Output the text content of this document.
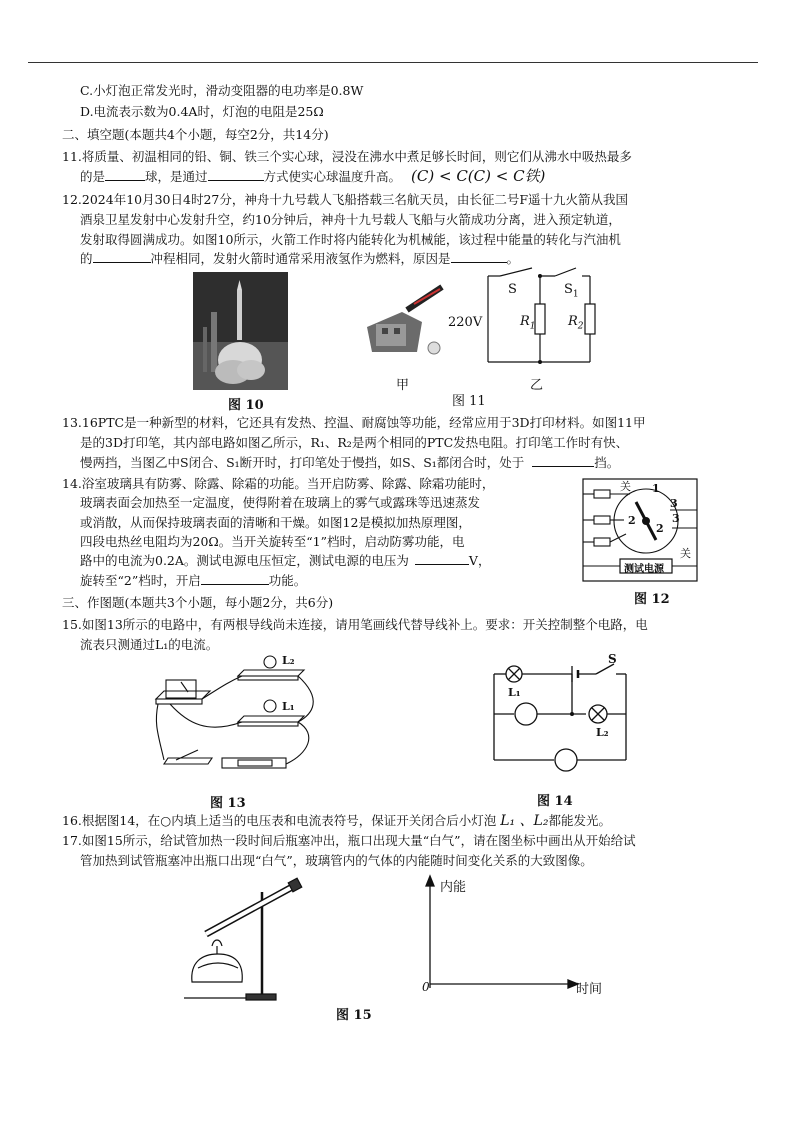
C.小灯泡正常发光时，滑动变阻器的电功率是0.8W
D.电流表示数为0.4A时，灯泡的电阻是25Ω
二、填空题(本题共4个小题，每空2分，共14分)
11.将质量、初温相同的铅、铜、铁三个实心球，浸没在沸水中煮足够长时间，则它们从沸水中吸热最多
的是	球，是通过	方式使实心球温度升高。 (C) < C(C) < C铁)
12.2024年10月30日4时27分，神舟十九号载人飞船搭载三名航天员，由长征二号F遥十九火箭从我国
酒泉卫星发射中心发射升空，约10分钟后，神舟十九号载人飞船与火箭成功分离，进入预定轨道，
发射取得圆满成功。如图10所示，火箭工作时将内能转化为机械能，该过程中能量的转化与汽油机
的	冲程相同，发射火箭时通常采用液氢作为燃料，原因是	。
图 10
甲
S	$S_1$
220V	$R_1$ $R_2$
图 11
乙
13.16PTC是一种新型的材料，它还具有发热、控温、耐腐蚀等功能，经常应用于3D打印材料。如图11甲
是的3D打印笔，其内部电路如图乙所示，R₁、R₂是两个相同的PTC发热电阻。打印笔工作时有快、
慢两挡，当图乙中S闭合、S₁断开时，打印笔处于慢挡，如S、S₁都闭合时，处于	挡。
14.浴室玻璃具有防雾、除露、除霜的功能。当开启防雾、除露、除霜功能时，
玻璃表面会加热至一定温度，使得附着在玻璃上的雾气或露珠等迅速蒸发
或消散，从而保持玻璃表面的清晰和干燥。如图12是模拟加热原理图，
四段电热丝电阻均为20Ω。当开关旋转至“1”档时，启动防雾功能，电
路中的电流为0.2A。测试电源电压恒定，测试电源的电压为	V，
旋转至“2”档时，开启	功能。
关 1
2
3
3
2
关
测试电源
图 12
三、作图题(本题共3个小题，每小题2分，共6分)
15.如图13所示的电路中，有两根导线尚未连接，请用笔画线代替导线补上。要求：开关控制整个电路，电
流表只测通过L₁的电流。
L₂
L₁
图 13
S
L₁
L₂
图 14
16.根据图14，在○内填上适当的电压表和电流表符号，保证开关闭合后小灯泡 L₁ 、L₂都能发光。
17.如图15所示，给试管加热一段时间后瓶塞冲出，瓶口出现大量“白气”，请在图坐标中画出从开始给试
管加热到试管瓶塞冲出瓶口出现“白气”，玻璃管内的气体的内能随时间变化关系的大致图像。
内能
时间
0
图 15
